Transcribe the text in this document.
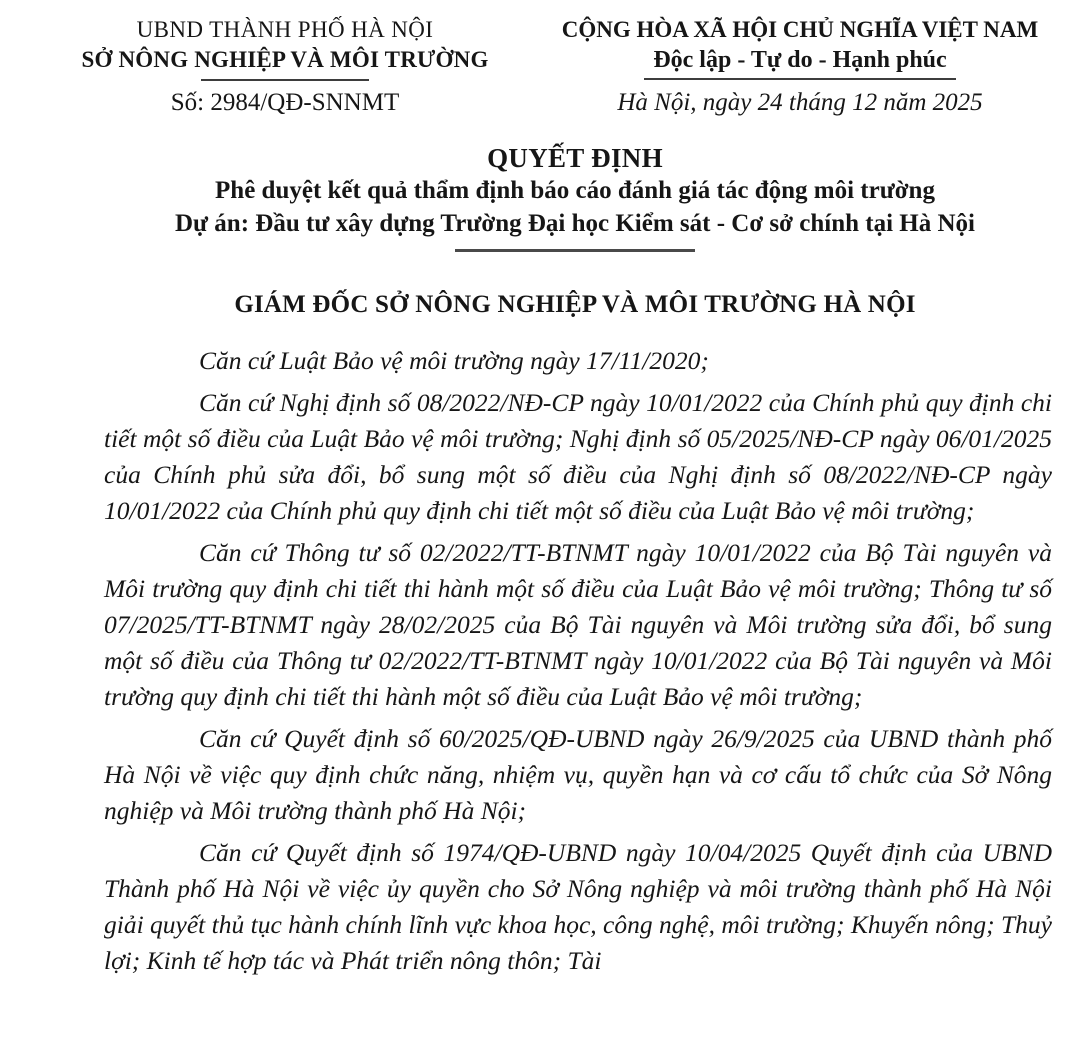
UBND THÀNH PHỐ HÀ NỘI
SỞ NÔNG NGHIỆP VÀ MÔI TRƯỜNG
Số: 2984/QĐ-SNNMT
CỘNG HÒA XÃ HỘI CHỦ NGHĨA VIỆT NAM
Độc lập - Tự do - Hạnh phúc
Hà Nội, ngày 24 tháng 12 năm 2025
QUYẾT ĐỊNH
Phê duyệt kết quả thẩm định báo cáo đánh giá tác động môi trường
Dự án: Đầu tư xây dựng Trường Đại học Kiểm sát - Cơ sở chính tại Hà Nội
GIÁM ĐỐC SỞ NÔNG NGHIỆP VÀ MÔI TRƯỜNG HÀ NỘI

Căn cứ Luật Bảo vệ môi trường ngày 17/11/2020;

Căn cứ Nghị định số 08/2022/NĐ-CP ngày 10/01/2022 của Chính phủ quy định chi tiết một số điều của Luật Bảo vệ môi trường; Nghị định số 05/2025/NĐ-CP ngày 06/01/2025 của Chính phủ sửa đổi, bổ sung một số điều của Nghị định số 08/2022/NĐ-CP ngày 10/01/2022 của Chính phủ quy định chi tiết một số điều của Luật Bảo vệ môi trường;

Căn cứ Thông tư số 02/2022/TT-BTNMT ngày 10/01/2022 của Bộ Tài nguyên và Môi trường quy định chi tiết thi hành một số điều của Luật Bảo vệ môi trường; Thông tư số 07/2025/TT-BTNMT ngày 28/02/2025 của Bộ Tài nguyên và Môi trường sửa đổi, bổ sung một số điều của Thông tư 02/2022/TT-BTNMT ngày 10/01/2022 của Bộ Tài nguyên và Môi trường quy định chi tiết thi hành một số điều của Luật Bảo vệ môi trường;

Căn cứ Quyết định số 60/2025/QĐ-UBND ngày 26/9/2025 của UBND thành phố Hà Nội về việc quy định chức năng, nhiệm vụ, quyền hạn và cơ cấu tổ chức của Sở Nông nghiệp và Môi trường thành phố Hà Nội;

Căn cứ Quyết định số 1974/QĐ-UBND ngày 10/04/2025 Quyết định của UBND Thành phố Hà Nội về việc ủy quyền cho Sở Nông nghiệp và môi trường thành phố Hà Nội giải quyết thủ tục hành chính lĩnh vực khoa học, công nghệ, môi trường; Khuyến nông; Thuỷ lợi; Kinh tế hợp tác và Phát triển nông thôn; Tài
